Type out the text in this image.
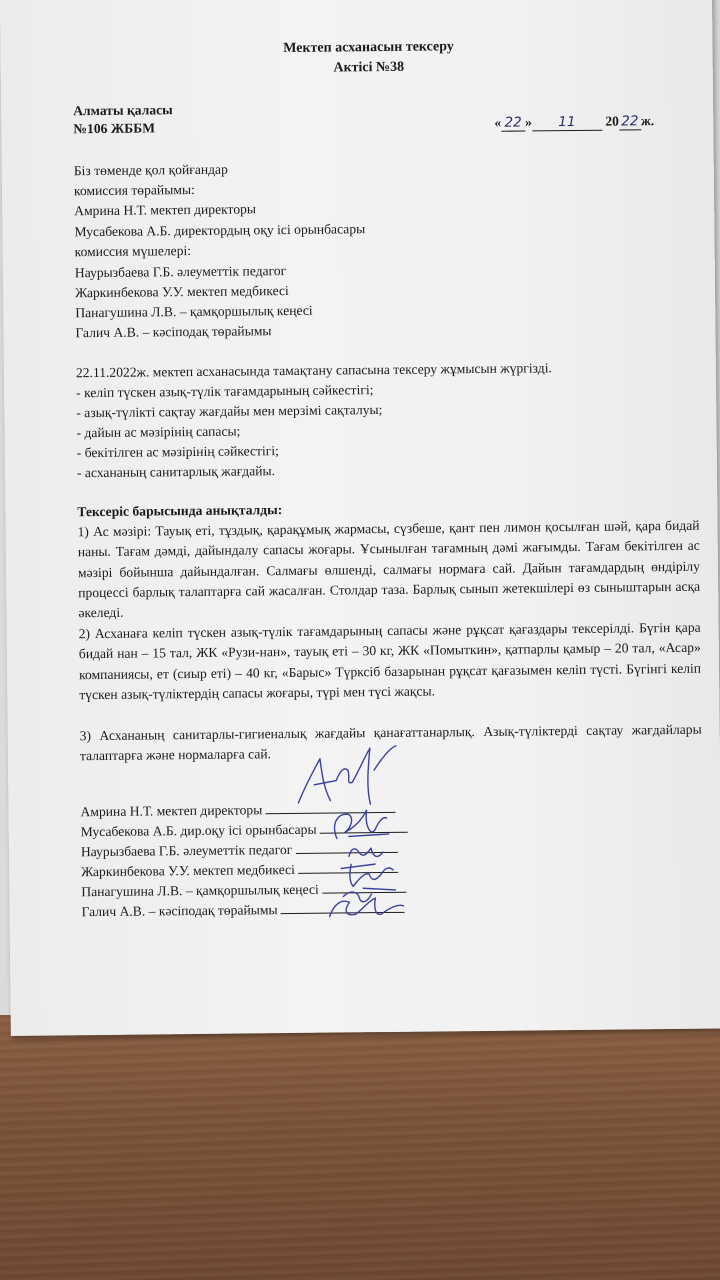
Мектеп асханасын тексеру
Актісі №38
Алматы қаласы
№106 ЖББМ	« 22 » 11 20 22 ж.
Біз төменде қол қойғандар
комиссия төрайымы:
Амрина Н.Т. мектеп директоры
Мусабекова А.Б. директордың оқу ісі орынбасары
комиссия мүшелері:
Наурызбаева Г.Б. әлеуметтік педагог
Жаркинбекова У.У. мектеп медбикесі
Панагушина Л.В. – қамқоршылық кеңесі
Галич А.В. – кәсіподақ төрайымы
22.11.2022ж. мектеп асханасында тамақтану сапасына тексеру жұмысын жүргізді.
- келіп түскен азық-түлік тағамдарының сәйкестігі;
- азық-түлікті сақтау жағдайы мен мерзімі сақталуы;
- дайын ас мәзірінің сапасы;
- бекітілген ас мәзірінің сәйкестігі;
- асхананың санитарлық жағдайы.
Тексеріс барысында анықталды:
1) Ас мәзірі: Тауық еті, тұздық, қарақұмық жармасы, сүзбеше, қант пен лимон қосылған шәй, қара бидай наны. Тағам дәмді, дайындалу сапасы жоғары. Ұсынылған тағамның дәмі жағымды. Тағам бекітілген ас мәзірі бойынша дайындалған. Салмағы өлшенді, салмағы нормаға сай. Дайын тағамдардың өндірілу процессі барлық талаптарға сай жасалған. Столдар таза. Барлық сынып жетекшілері өз сыныштарын асқа әкеледі.
2) Асханаға келіп түскен азық-түлік тағамдарының сапасы және рұқсат қағаздары тексерілді. Бүгін қара бидай нан – 15 тал, ЖК «Рузи-нан», тауық еті – 30 кг, ЖК «Помыткин», қатпарлы қамыр – 20 тал, «Асар» компаниясы, ет (сиыр еті) – 40 кг, «Барыс» Түрксіб базарынан рұқсат қағазымен келіп түсті. Бүгінгі келіп түскен азық-түліктердің сапасы жоғары, түрі мен түсі жақсы.
3) Асхананың санитарлы-гигиеналық жағдайы қанағаттанарлық. Азық-түліктерді сақтау жағдайлары талаптарға және нормаларға сай.
Амрина Н.Т. мектеп директоры
Мусабекова А.Б. дир.оқу ісі орынбасары
Наурызбаева Г.Б. әлеуметтік педагог
Жаркинбекова У.У. мектеп медбикесі
Панагушина Л.В. – қамқоршылық кеңесі
Галич А.В. – кәсіподақ төрайымы
